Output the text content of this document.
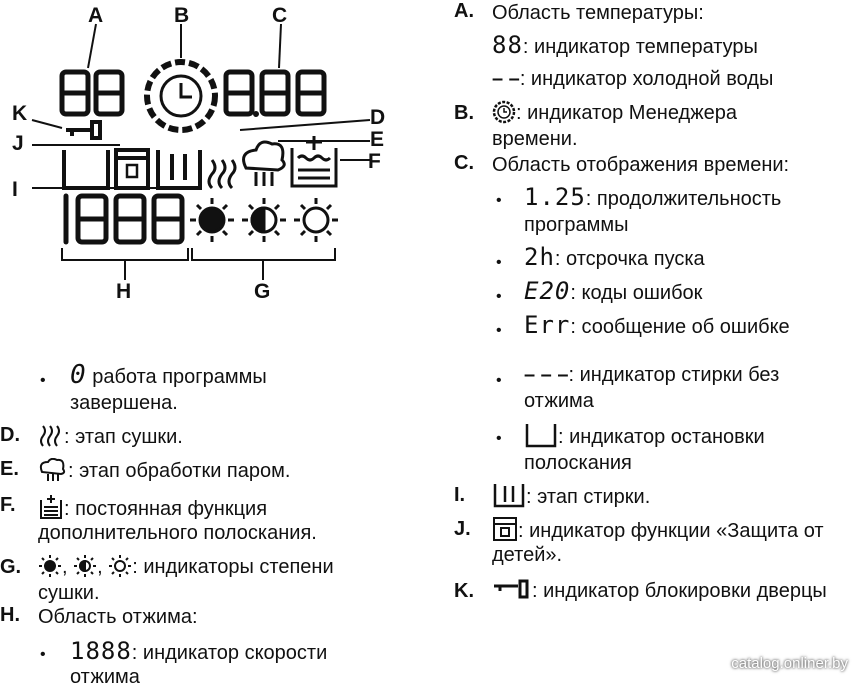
A	B	C
K
J
I
D
E
F
H	G
• 0 работа программы
завершена.
D.	: этап сушки.
E.	: этап обработки паром.
F.	: постоянная функция
дополнительного полоскания.
G.	, , : индикаторы степени
сушки.
H. Область отжима:
• 1888: индикатор скорости
отжима
A. Область температуры:
88: индикатор температуры
– –: индикатор холодной воды
B.	: индикатор Менеджера
времени.
C. Область отображения времени:
• 1.25: продолжительность
программы
• 2h: отсрочка пуска
• E20: коды ошибок
• Err: сообщение об ошибке
• – – –: индикатор стирки без
отжима
•	: индикатор остановки
полоскания
I.	: этап стирки.
J.	: индикатор функции «Защита от
детей».
K.	: индикатор блокировки дверцы
catalog.onliner.by
